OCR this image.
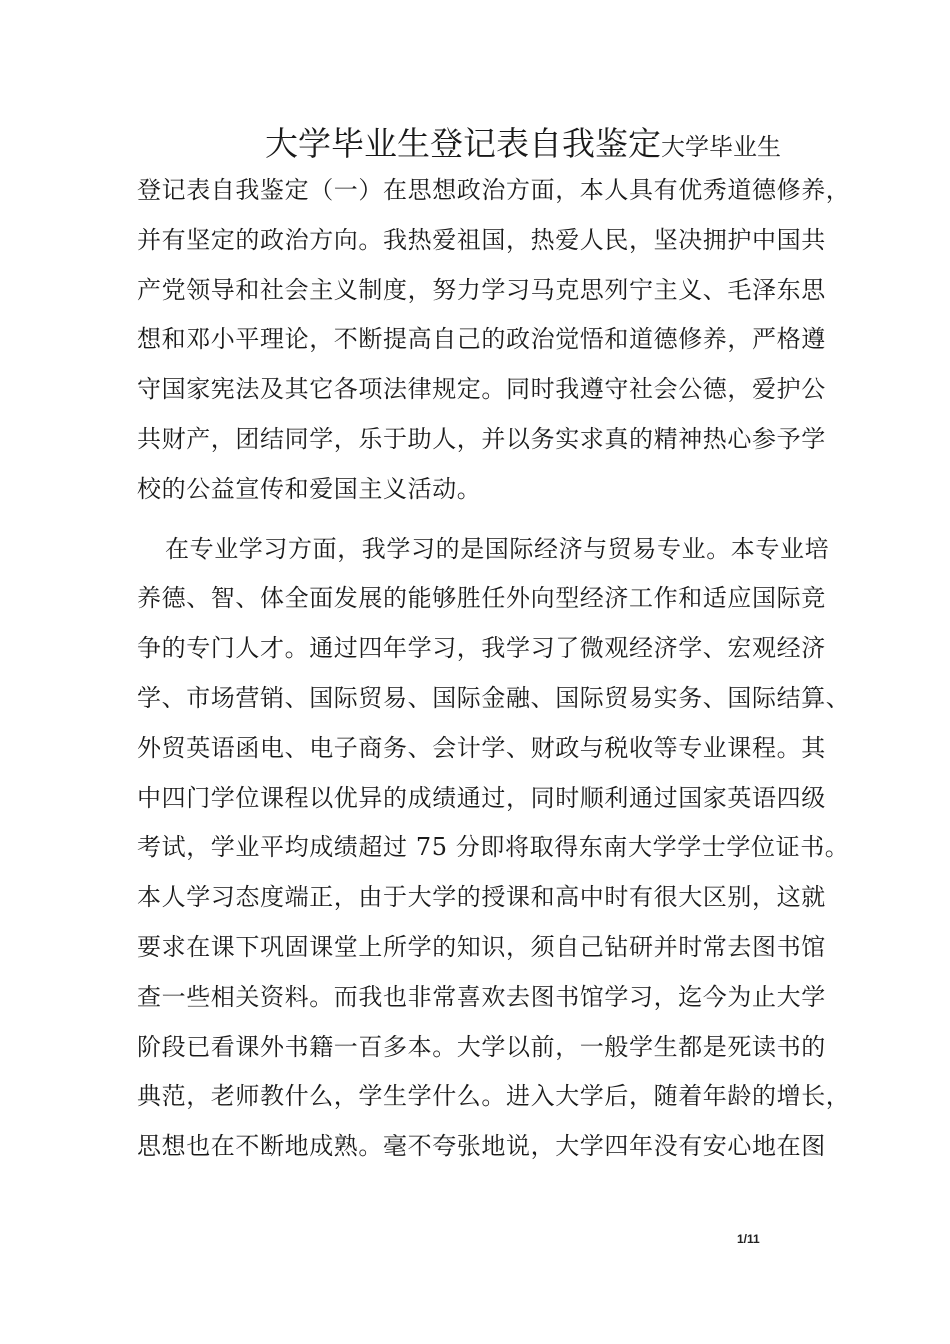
大学毕业生登记表自我鉴定大学毕业生
登记表自我鉴定（一）在思想政治方面，本人具有优秀道德修养，
并有坚定的政治方向。我热爱祖国，热爱人民，坚决拥护中国共
产党领导和社会主义制度，努力学习马克思列宁主义、毛泽东思
想和邓小平理论，不断提高自己的政治觉悟和道德修养，严格遵
守国家宪法及其它各项法律规定。同时我遵守社会公德，爱护公
共财产，团结同学，乐于助人，并以务实求真的精神热心参予学
校的公益宣传和爱国主义活动。
在专业学习方面，我学习的是国际经济与贸易专业。本专业培
养德、智、体全面发展的能够胜任外向型经济工作和适应国际竞
争的专门人才。通过四年学习，我学习了微观经济学、宏观经济
学、市场营销、国际贸易、国际金融、国际贸易实务、国际结算、
外贸英语函电、电子商务、会计学、财政与税收等专业课程。其
中四门学位课程以优异的成绩通过，同时顺利通过国家英语四级
考试，学业平均成绩超过 75 分即将取得东南大学学士学位证书。
本人学习态度端正，由于大学的授课和高中时有很大区别，这就
要求在课下巩固课堂上所学的知识，须自己钻研并时常去图书馆
查一些相关资料。而我也非常喜欢去图书馆学习，迄今为止大学
阶段已看课外书籍一百多本。大学以前，一般学生都是死读书的
典范，老师教什么，学生学什么。进入大学后，随着年龄的增长，
思想也在不断地成熟。毫不夸张地说，大学四年没有安心地在图
1/11
